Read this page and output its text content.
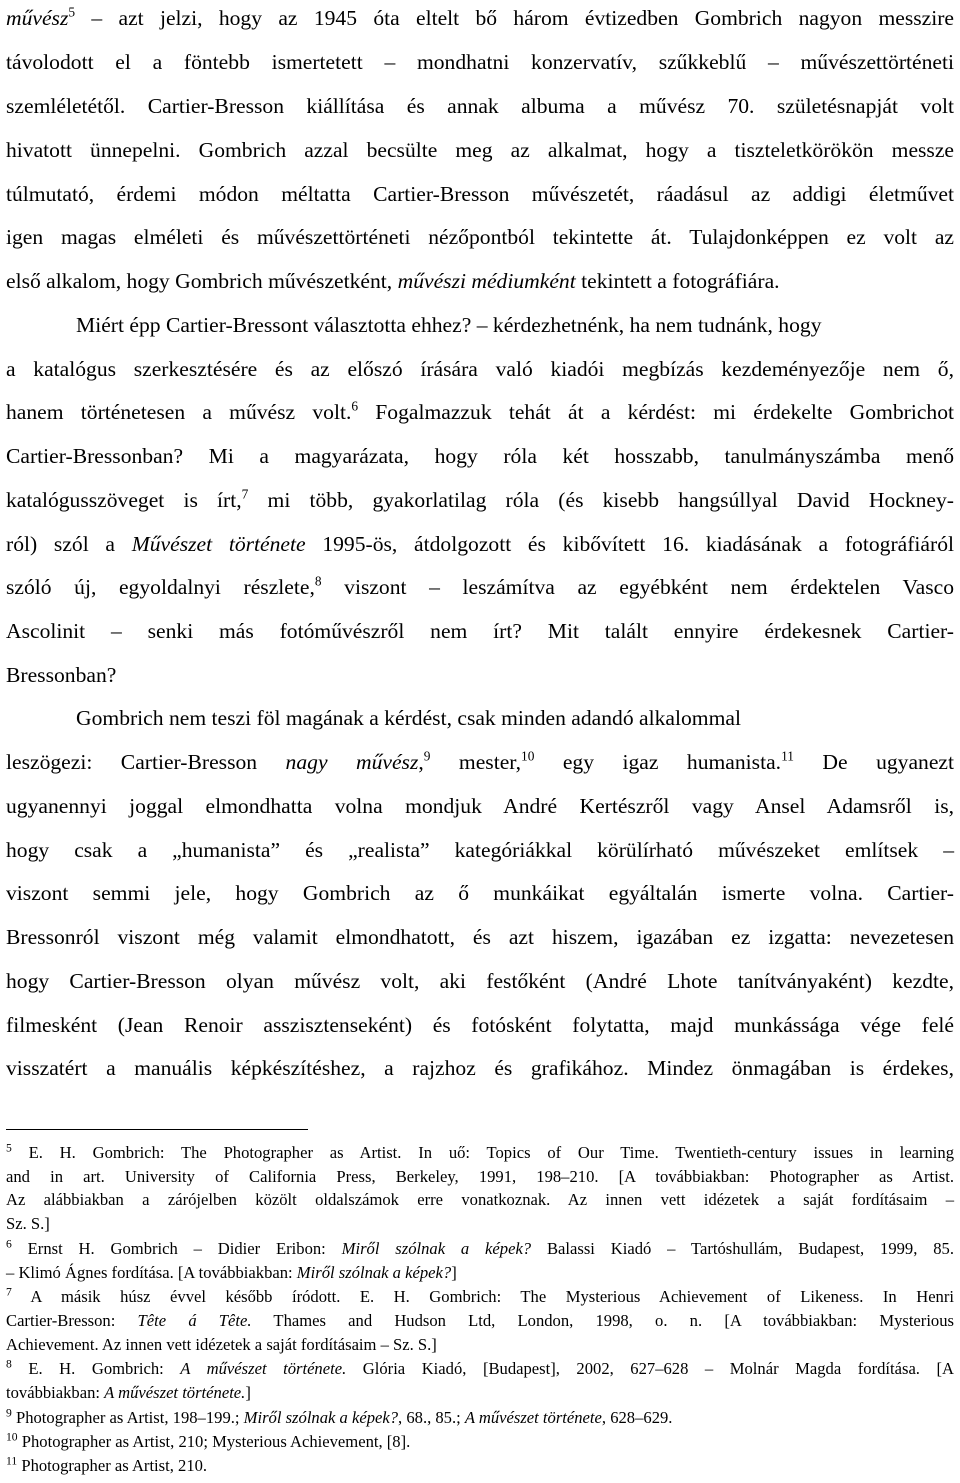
művész$^5$ – azt jelzi, hogy az 1945 óta eltelt bő három évtizedben Gombrich nagyon messzire
távolodott el a föntebb ismertetett – mondhatni konzervatív, szűkkeblű – művészettörténeti
szemléletétől. Cartier-Bresson kiállítása és annak albuma a művész 70. születésnapját volt
hivatott ünnepelni. Gombrich azzal becsülte meg az alkalmat, hogy a tiszteletkörökön messze
túlmutató, érdemi módon méltatta Cartier-Bresson művészetét, ráadásul az addigi életművet
igen magas elméleti és művészettörténeti nézőpontból tekintette át. Tulajdonképpen ez volt az
első alkalom, hogy Gombrich művészetként, művészi médiumként tekintett a fotográfiára.
Miért épp Cartier-Bressont választotta ehhez? – kérdezhetnénk, ha nem tudnánk, hogy
a katalógus szerkesztésére és az előszó írására való kiadói megbízás kezdeményezője nem ő,
hanem történetesen a művész volt.$^6$ Fogalmazzuk tehát át a kérdést: mi érdekelte Gombrichot
Cartier-Bressonban? Mi a magyarázata, hogy róla két hosszabb, tanulmányszámba menő
katalógusszöveget is írt,$^7$ mi több, gyakorlatilag róla (és kisebb hangsúllyal David Hockney-
ról) szól a Művészet története 1995-ös, átdolgozott és kibővített 16. kiadásának a fotográfiáról
szóló új, egyoldalnyi részlete,$^8$ viszont – leszámítva az egyébként nem érdektelen Vasco
Ascolinit – senki más fotóművészről nem írt? Mit talált ennyire érdekesnek Cartier-
Bressonban?
Gombrich nem teszi föl magának a kérdést, csak minden adandó alkalommal
leszögezi: Cartier-Bresson nagy művész,$^9$ mester,$^{10}$ egy igaz humanista.$^{11}$ De ugyanezt
ugyanennyi joggal elmondhatta volna mondjuk André Kertészről vagy Ansel Adamsről is,
hogy csak a „humanista” és „realista” kategóriákkal körülírható művészeket említsek –
viszont semmi jele, hogy Gombrich az ő munkáikat egyáltalán ismerte volna. Cartier-
Bressonról viszont még valamit elmondhatott, és azt hiszem, igazában ez izgatta: nevezetesen
hogy Cartier-Bresson olyan művész volt, aki festőként (André Lhote tanítványaként) kezdte,
filmesként (Jean Renoir asszisztenseként) és fotósként folytatta, majd munkássága vége felé
visszatért a manuális képkészítéshez, a rajzhoz és grafikához. Mindez önmagában is érdekes,
$^5$ E. H. Gombrich: The Photographer as Artist. In uő: Topics of Our Time. Twentieth-century issues in learning
and in art. University of California Press, Berkeley, 1991, 198–210. [A továbbiakban: Photographer as Artist.
Az alábbiakban a zárójelben közölt oldalszámok erre vonatkoznak. Az innen vett idézetek a saját fordításaim –
Sz. S.]
$^6$ Ernst H. Gombrich – Didier Eribon: Miről szólnak a képek? Balassi Kiadó – Tartóshullám, Budapest, 1999, 85.
– Klimó Ágnes fordítása. [A továbbiakban: Miről szólnak a képek?]
$^7$ A másik húsz évvel később íródott. E. H. Gombrich: The Mysterious Achievement of Likeness. In Henri
Cartier-Bresson: Tête á Tête. Thames and Hudson Ltd, London, 1998, o. n. [A továbbiakban: Mysterious
Achievement. Az innen vett idézetek a saját fordításaim – Sz. S.]
$^8$ E. H. Gombrich: A művészet története. Glória Kiadó, [Budapest], 2002, 627–628 – Molnár Magda fordítása. [A
továbbiakban: A művészet története.]
$^9$ Photographer as Artist, 198–199.; Miről szólnak a képek?, 68., 85.; A művészet története, 628–629.
$^{10}$ Photographer as Artist, 210; Mysterious Achievement, [8].
$^{11}$ Photographer as Artist, 210.
